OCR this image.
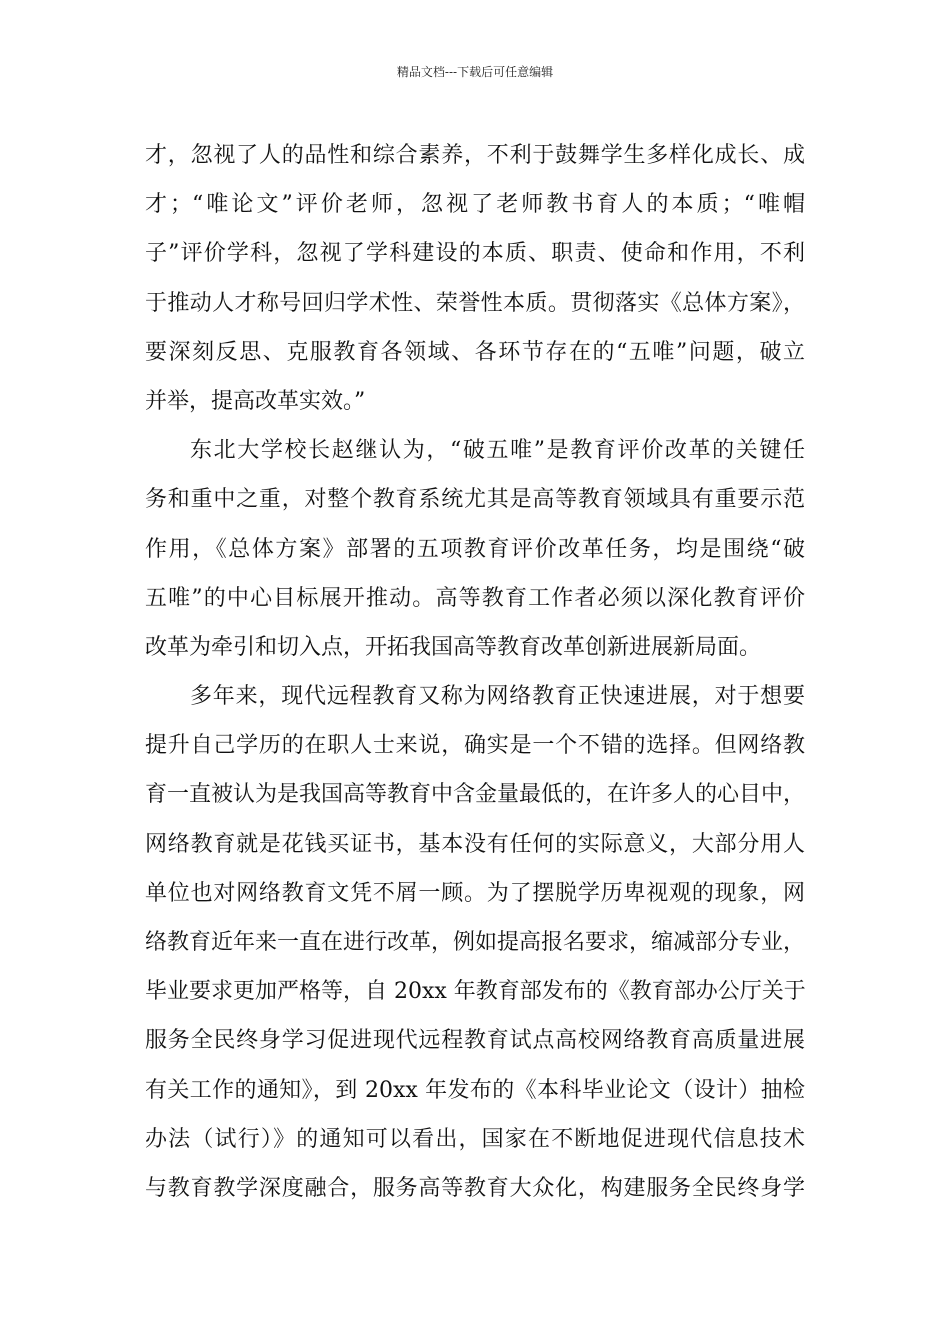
精品文档---下载后可任意编辑
才，忽视了人的品性和综合素养，不利于鼓舞学生多样化成长、成
才；“唯论文”评价老师，忽视了老师教书育人的本质；“唯帽
子”评价学科，忽视了学科建设的本质、职责、使命和作用，不利
于推动人才称号回归学术性、荣誉性本质。贯彻落实《总体方案》，
要深刻反思、克服教育各领域、各环节存在的“五唯”问题，破立
并举，提高改革实效。”
东北大学校长赵继认为，“破五唯”是教育评价改革的关键任
务和重中之重，对整个教育系统尤其是高等教育领域具有重要示范
作用，《总体方案》部署的五项教育评价改革任务，均是围绕“破
五唯”的中心目标展开推动。高等教育工作者必须以深化教育评价
改革为牵引和切入点，开拓我国高等教育改革创新进展新局面。
多年来，现代远程教育又称为网络教育正快速进展，对于想要
提升自己学历的在职人士来说，确实是一个不错的选择。但网络教
育一直被认为是我国高等教育中含金量最低的，在许多人的心目中，
网络教育就是花钱买证书，基本没有任何的实际意义，大部分用人
单位也对网络教育文凭不屑一顾。为了摆脱学历卑视观的现象，网
络教育近年来一直在进行改革，例如提高报名要求，缩减部分专业，
毕业要求更加严格等，自 20xx 年教育部发布的《教育部办公厅关于
服务全民终身学习促进现代远程教育试点高校网络教育高质量进展
有关工作的通知》，到 20xx 年发布的《本科毕业论文（设计）抽检
办法（试行）》的通知可以看出，国家在不断地促进现代信息技术
与教育教学深度融合，服务高等教育大众化，构建服务全民终身学
